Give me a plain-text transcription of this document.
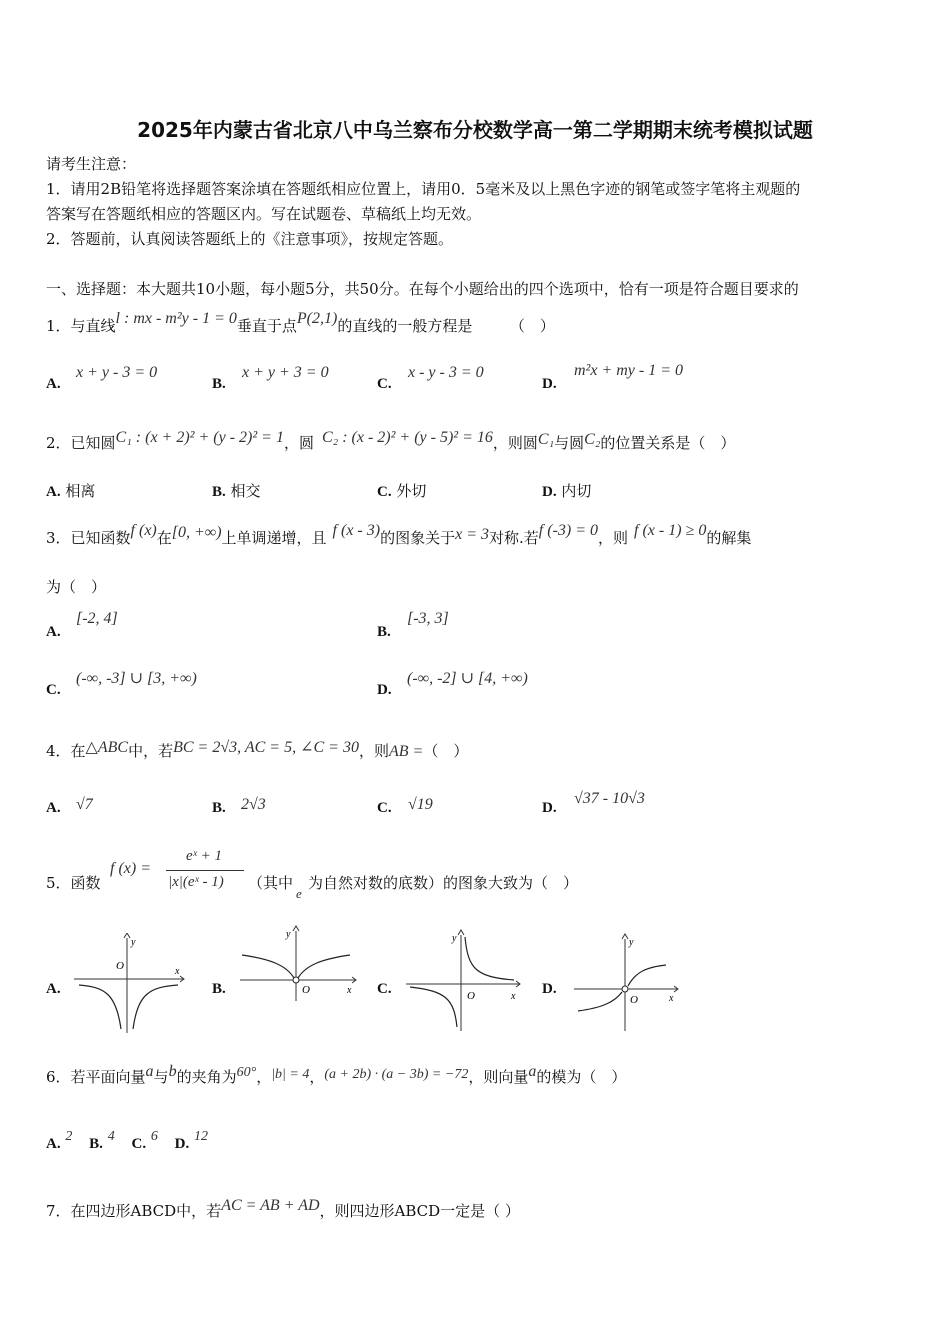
2025年内蒙古省北京八中乌兰察布分校数学高一第二学期期末统考模拟试题
请考生注意：
1．请用2B铅笔将选择题答案涂填在答题纸相应位置上，请用0．5毫米及以上黑色字迹的钢笔或签字笔将主观题的
答案写在答题纸相应的答题区内。写在试题卷、草稿纸上均无效。
2．答题前，认真阅读答题纸上的《注意事项》，按规定答题。
一、选择题：本大题共10小题，每小题5分，共50分。在每个小题给出的四个选项中，恰有一项是符合题目要求的
1．与直线l : mx - m²y - 1 = 0垂直于点P(2,1)的直线的一般方程是　　　（　）
A.
x + y - 3 = 0
B.
x + y + 3 = 0
C.
x - y - 3 = 0
D.
m²x + my - 1 = 0
2．已知圆C₁ : (x + 2)² + (y - 2)² = 1，圆 C₂ : (x - 2)² + (y - 5)² = 16，则圆C₁与圆C₂的位置关系是（　）
A. 相离	B. 相交	C. 外切	D. 内切
3．已知函数f (x)在[0, +∞)上单调递增，且 f (x - 3)的图象关于x = 3对称.若f (-3) = 0，则 f (x - 1) ≥ 0的解集
为（　）
A.
[-2, 4]
B.
[-3, 3]
C.
(-∞, -3] ∪ [3, +∞)
D.
(-∞, -2] ∪ [4, +∞)
4．在△ABC中，若BC = 2√3, AC = 5, ∠C = 30，则AB =（　）
A. √7	B. 2√3	C. √19	D.
√37 - 10√3
5．函数
f (x) =
eˣ + 1
|x|(eˣ - 1) （其中
e
为自然对数的底数）的图象大致为（　）
A.
y
x
O
B.
y
x
O	C.
y
x
O	D.
y
x
O
6．若平面向量a与b的夹角为60°，|b| = 4，(a + 2b) · (a − 3b) = −72，则向量a的模为（　）
A. 2 B. 4 C. 6 D. 12
7．在四边形ABCD中，若AC = AB + AD，则四边形ABCD一定是（ ）
